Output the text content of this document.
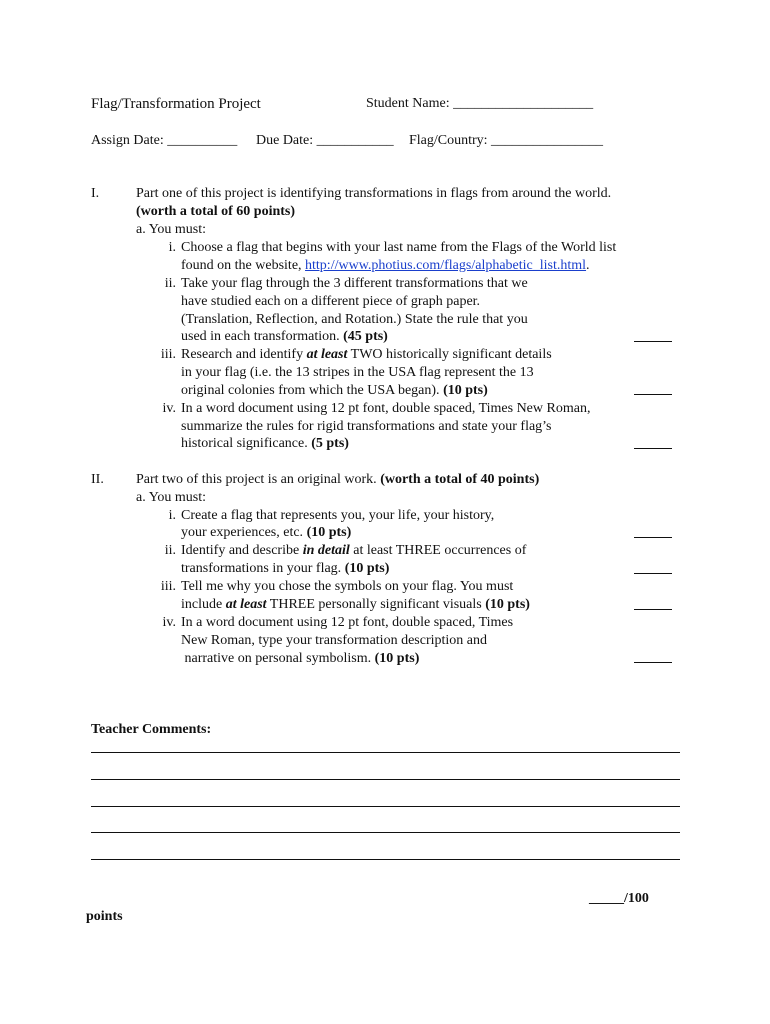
Flag/Transformation Project	Student Name: ____________________
Assign Date: __________ Due Date: ___________ Flag/Country: ________________
I.	Part one of this project is identifying transformations in flags from around the world.
(worth a total of 60 points)
a. You must:
i. Choose a flag that begins with your last name from the Flags of the World list
found on the website, http://www.photius.com/flags/alphabetic_list.html.
ii. Take your flag through the 3 different transformations that we
have studied each on a different piece of graph paper.
(Translation, Reflection, and Rotation.) State the rule that you
used in each transformation. (45 pts)
iii. Research and identify at least TWO historically significant details
in your flag (i.e. the 13 stripes in the USA flag represent the 13
original colonies from which the USA began). (10 pts)
iv. In a word document using 12 pt font, double spaced, Times New Roman,
summarize the rules for rigid transformations and state your flag’s
historical significance. (5 pts)
II. Part two of this project is an original work. (worth a total of 40 points)
a. You must:
i. Create a flag that represents you, your life, your history,
your experiences, etc. (10 pts)
ii. Identify and describe in detail at least THREE occurrences of
transformations in your flag. (10 pts)
iii. Tell me why you chose the symbols on your flag. You must
include at least THREE personally significant visuals (10 pts)
iv. In a word document using 12 pt font, double spaced, Times
New Roman, type your transformation description and
narrative on personal symbolism. (10 pts)
Teacher Comments:
_____/100
points
